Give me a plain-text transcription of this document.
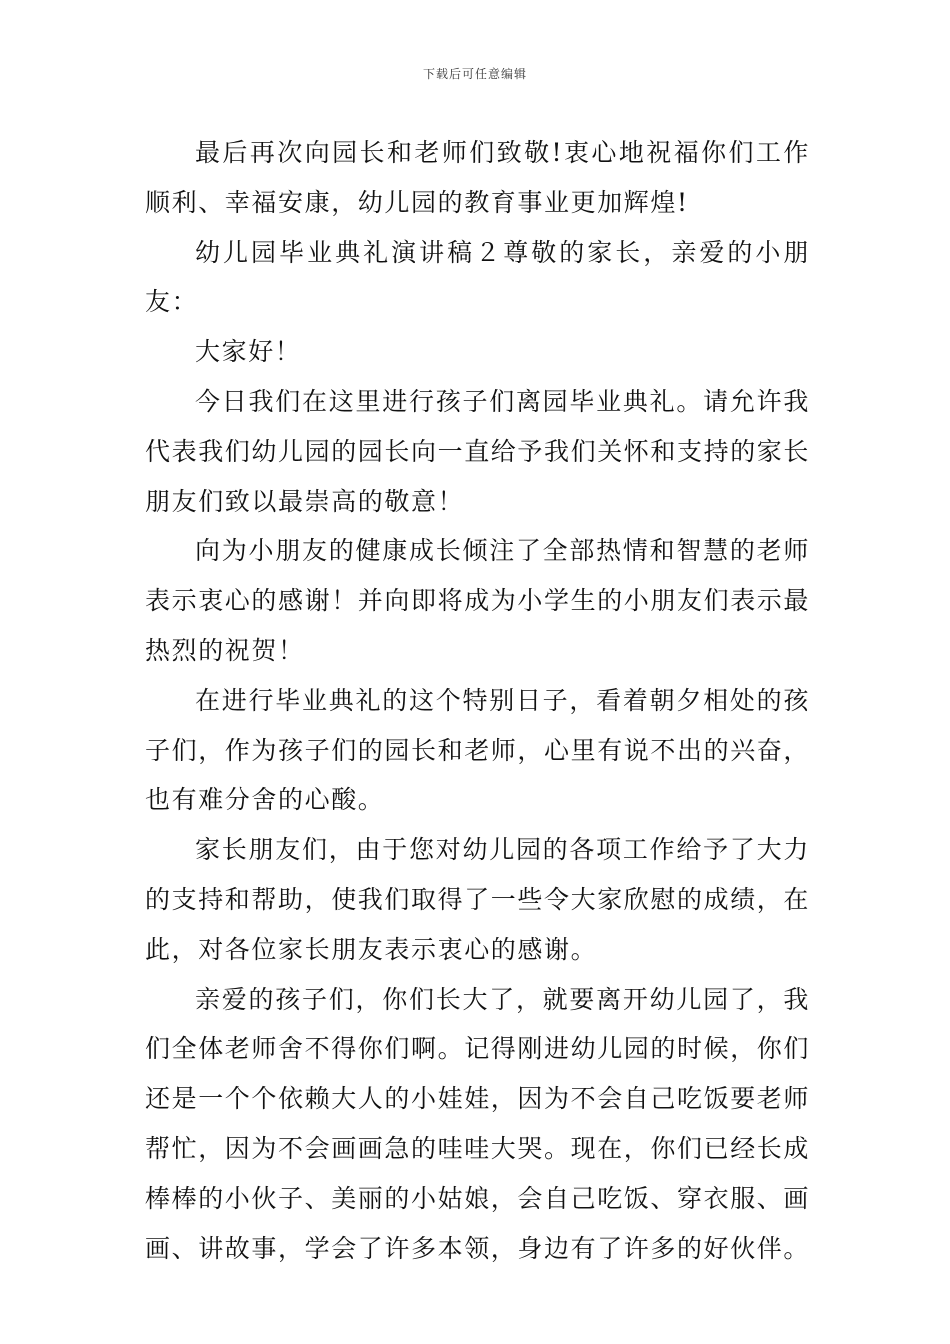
下载后可任意编辑

最后再次向园长和老师们致敬!衷心地祝福你们工作顺利、幸福安康，幼儿园的教育事业更加辉煌!

幼儿园毕业典礼演讲稿２尊敬的家长，亲爱的小朋友：

大家好！

今日我们在这里进行孩子们离园毕业典礼。请允许我代表我们幼儿园的园长向一直给予我们关怀和支持的家长朋友们致以最崇高的敬意！

向为小朋友的健康成长倾注了全部热情和智慧的老师表示衷心的感谢！并向即将成为小学生的小朋友们表示最热烈的祝贺！

在进行毕业典礼的这个特别日子，看着朝夕相处的孩子们，作为孩子们的园长和老师，心里有说不出的兴奋，也有难分舍的心酸。

家长朋友们，由于您对幼儿园的各项工作给予了大力的支持和帮助，使我们取得了一些令大家欣慰的成绩，在此，对各位家长朋友表示衷心的感谢。

亲爱的孩子们，你们长大了，就要离开幼儿园了，我们全体老师舍不得你们啊。记得刚进幼儿园的时候，你们还是一个个依赖大人的小娃娃，因为不会自己吃饭要老师帮忙，因为不会画画急的哇哇大哭。现在，你们已经长成棒棒的小伙子、美丽的小姑娘，会自己吃饭、穿衣服、画画、讲故事，学会了许多本领，身边有了许多的好伙伴。
